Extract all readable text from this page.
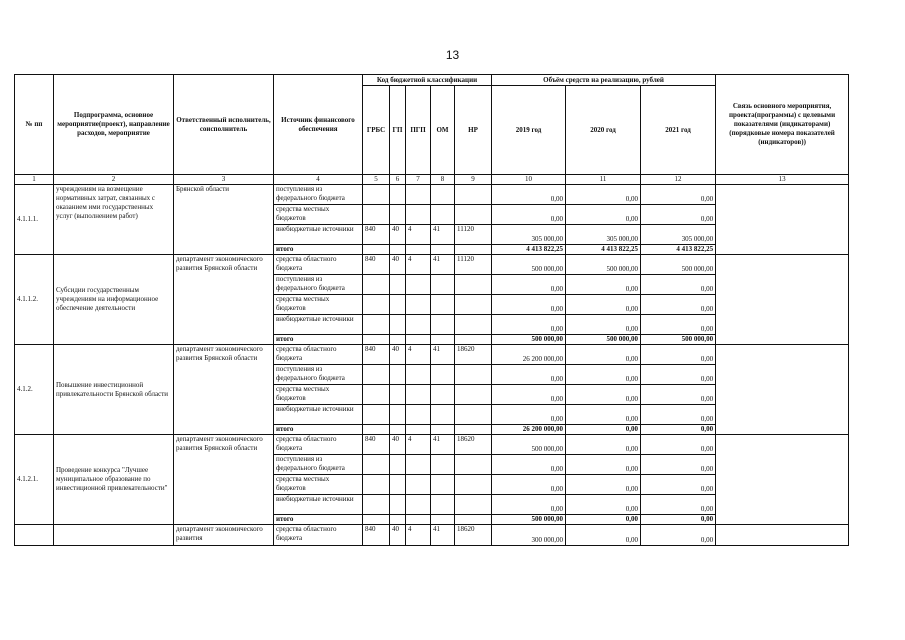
13
№ пп	Подпрограмма, основное мероприятие(проект), направление расходов, мероприятие	Ответственный исполнитель, соисполнитель	Источник финансового обеспечения	Код бюджетной классификации					Объём средств на реализацию, рублей			Связь основного мероприятия, проекта(программы) с целевыми показателями (индикаторами) (порядковые номера показателей (индикаторов))
				ГРБС	ГП	ПГП	ОМ	НР	2019 год	2020 год	2021 год	
1	2	3	4	5	6	7	8	9	10	11	12	13
4.1.1.1.	учреждениям на возмещение нормативных затрат, связанных с оказанием ими государственных услуг (выполнением работ)	Брянской области	поступления из федерального бюджета						0,00	0,00	0,00	
			средства местных бюджетов						0,00	0,00	0,00	
			внебюджетные источники	840	40	4	41	11120	305 000,00	305 000,00	305 000,00	
			итого						4 413 822,25	4 413 822,25	4 413 822,25	
4.1.1.2.	Субсидии государственным учреждениям на информационное обеспечение деятельности	департамент экономического развития Брянской области	средства областного бюджета	840	40	4	41	11120	500 000,00	500 000,00	500 000,00	
			поступления из федерального бюджета						0,00	0,00	0,00	
			средства местных бюджетов						0,00	0,00	0,00	
			внебюджетные источники						0,00	0,00	0,00	
			итого						500 000,00	500 000,00	500 000,00	
4.1.2.	Повышение инвестиционной привлекательности Брянской области	департамент экономического развития Брянской области	средства областного бюджета	840	40	4	41	18620	26 200 000,00	0,00	0,00	
			поступления из федерального бюджета						0,00	0,00	0,00	
			средства местных бюджетов						0,00	0,00	0,00	
			внебюджетные источники						0,00	0,00	0,00	
			итого						26 200 000,00	0,00	0,00	
4.1.2.1.	Проведение конкурса "Лучшее муниципальное образование по инвестиционной привлекательности"	департамент экономического развития Брянской области	средства областного бюджета	840	40	4	41	18620	500 000,00	0,00	0,00	
			поступления из федерального бюджета						0,00	0,00	0,00	
			средства местных бюджетов						0,00	0,00	0,00	
			внебюджетные источники						0,00	0,00	0,00	
			итого						500 000,00	0,00	0,00	
		департамент экономического развития	средства областного бюджета	840	40	4	41	18620	300 000,00	0,00	0,00	
